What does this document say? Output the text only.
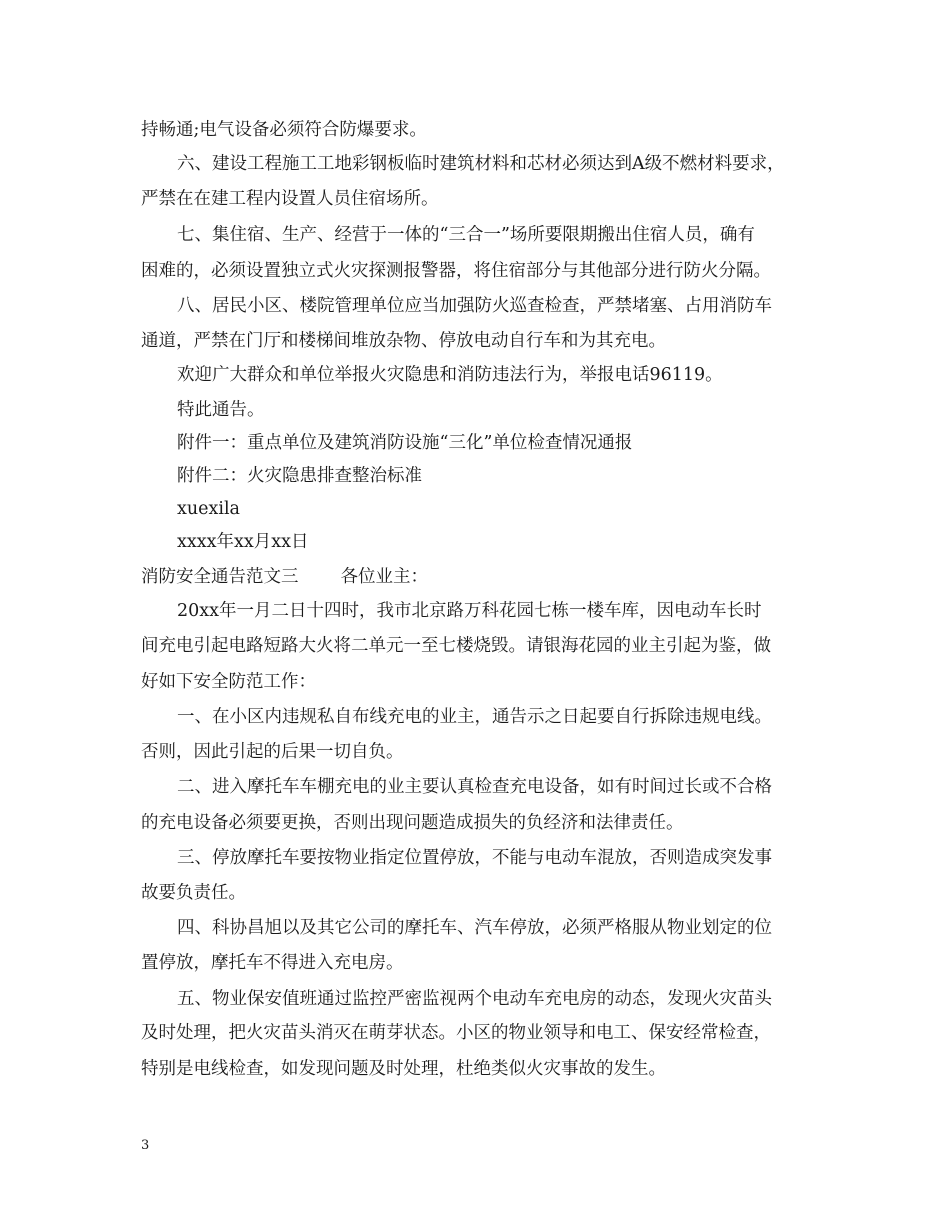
持畅通;电气设备必须符合防爆要求。
六、建设工程施工工地彩钢板临时建筑材料和芯材必须达到A级不燃材料要求，
严禁在在建工程内设置人员住宿场所。
七、集住宿、生产、经营于一体的“三合一”场所要限期搬出住宿人员，确有
困难的，必须设置独立式火灾探测报警器，将住宿部分与其他部分进行防火分隔。
八、居民小区、楼院管理单位应当加强防火巡查检查，严禁堵塞、占用消防车
通道，严禁在门厅和楼梯间堆放杂物、停放电动自行车和为其充电。
欢迎广大群众和单位举报火灾隐患和消防违法行为，举报电话96119。
特此通告。
附件一：重点单位及建筑消防设施“三化”单位检查情况通报
附件二：火灾隐患排查整治标准
xuexila
xxxx年xx月xx日
消防安全通告范文三 各位业主：
20xx年一月二日十四时，我市北京路万科花园七栋一楼车库，因电动车长时
间充电引起电路短路大火将二单元一至七楼烧毁。请银海花园的业主引起为鉴，做
好如下安全防范工作：
一、在小区内违规私自布线充电的业主，通告示之日起要自行拆除违规电线。
否则，因此引起的后果一切自负。
二、进入摩托车车棚充电的业主要认真检查充电设备，如有时间过长或不合格
的充电设备必须要更换，否则出现问题造成损失的负经济和法律责任。
三、停放摩托车要按物业指定位置停放，不能与电动车混放，否则造成突发事
故要负责任。
四、科协昌旭以及其它公司的摩托车、汽车停放，必须严格服从物业划定的位
置停放，摩托车不得进入充电房。
五、物业保安值班通过监控严密监视两个电动车充电房的动态，发现火灾苗头
及时处理，把火灾苗头消灭在萌芽状态。小区的物业领导和电工、保安经常检查，
特别是电线检查，如发现问题及时处理，杜绝类似火灾事故的发生。
3
